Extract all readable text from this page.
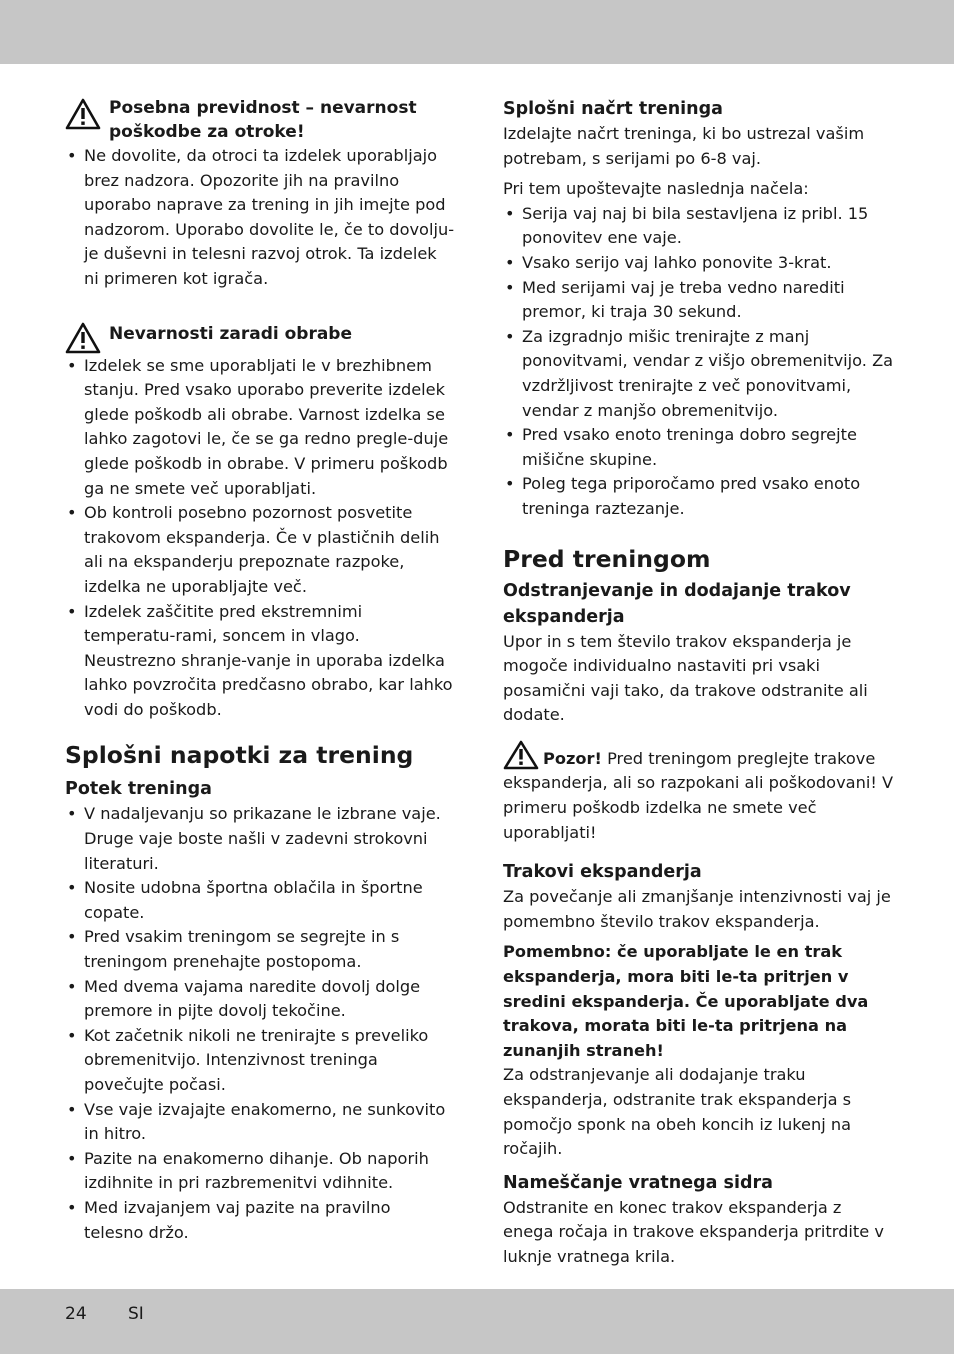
Posebna previdnost – nevarnost poškodbe za otroke!
• Ne dovolite, da otroci ta izdelek uporabljajo brez nadzora. Opozorite jih na pravilno uporabo naprave za trening in jih imejte pod nadzorom. Uporabo dovolite le, če to dovolju-je duševni in telesni razvoj otrok. Ta izdelek ni primeren kot igrača.
Nevarnosti zaradi obrabe
• Izdelek se sme uporabljati le v brezhibnem stanju. Pred vsako uporabo preverite izdelek glede poškodb ali obrabe. Varnost izdelka se lahko zagotovi le, če se ga redno pregle-duje glede poškodb in obrabe. V primeru poškodb ga ne smete več uporabljati.
• Ob kontroli posebno pozornost posvetite trakovom ekspanderja. Če v plastičnih delih ali na ekspanderju prepoznate razpoke, izdelka ne uporabljajte več.
• Izdelek zaščitite pred ekstremnimi temperatu-rami, soncem in vlago. Neustrezno shranje-vanje in uporaba izdelka lahko povzročita predčasno obrabo, kar lahko vodi do poškodb.
Splošni napotki za trening
Potek treninga
• V nadaljevanju so prikazane le izbrane vaje. Druge vaje boste našli v zadevni strokovni literaturi.
• Nosite udobna športna oblačila in športne copate.
• Pred vsakim treningom se segrejte in s treningom prenehajte postopoma.
• Med dvema vajama naredite dovolj dolge premore in pijte dovolj tekočine.
• Kot začetnik nikoli ne trenirajte s preveliko obremenitvijo. Intenzivnost treninga povečujte počasi.
• Vse vaje izvajajte enakomerno, ne sunkovito in hitro.
• Pazite na enakomerno dihanje. Ob naporih izdihnite in pri razbremenitvi vdihnite.
• Med izvajanjem vaj pazite na pravilno telesno držo.
Splošni načrt treninga

Izdelajte načrt treninga, ki bo ustrezal vašim potrebam, s serijami po 6-8 vaj.

Pri tem upoštevajte naslednja načela:

• Serija vaj naj bi bila sestavljena iz pribl. 15 ponovitev ene vaje.
• Vsako serijo vaj lahko ponovite 3-krat.
• Med serijami vaj je treba vedno narediti premor, ki traja 30 sekund.
• Za izgradnjo mišic trenirajte z manj ponovitvami, vendar z višjo obremenitvijo. Za vzdržljivost trenirajte z več ponovitvami, vendar z manjšo obremenitvijo.
• Pred vsako enoto treninga dobro segrejte mišične skupine.
• Poleg tega priporočamo pred vsako enoto treninga raztezanje.
Pred treningom
Odstranjevanje in dodajanje trakov ekspanderja

Upor in s tem število trakov ekspanderja je mogoče individualno nastaviti pri vsaki posamični vaji tako, da trakove odstranite ali dodate.

Pozor! Pred treningom preglejte trakove ekspanderja, ali so razpokani ali poškodovani! V primeru poškodb izdelka ne smete več uporabljati!

Trakovi ekspanderja

Za povečanje ali zmanjšanje intenzivnosti vaj je pomembno število trakov ekspanderja.

Pomembno: če uporabljate le en trak ekspanderja, mora biti le-ta pritrjen v sredini ekspanderja. Če uporabljate dva trakova, morata biti le-ta pritrjena na zunanjih straneh!

Za odstranjevanje ali dodajanje traku ekspanderja, odstranite trak ekspanderja s pomočjo sponk na obeh koncih iz lukenj na ročajih.

Nameščanje vratnega sidra

Odstranite en konec trakov ekspanderja z enega ročaja in trakove ekspanderja pritrdite v luknje vratnega krila.

24 SI
